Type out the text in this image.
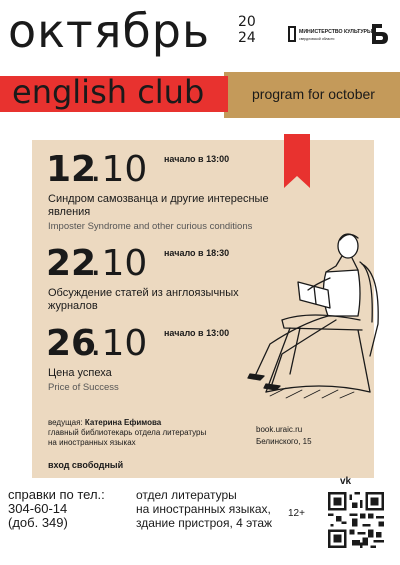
октябрь 20
24	МИНИСТЕРСТВО КУЛЬТУРЫ
свердловской области
program for october
english club
12
.10 начало в 13:00
Синдром самозванца и другие интересные
явления
Imposter Syndrome and other curious conditions
22
.10 начало в 18:30
Обсуждение статей из англоязычных
журналов
26
.10 начало в 13:00
Цена успеха
Price of Success
ведущая: Катерина Ефимова
главный библиотекарь отдела литературы
на иностранных языках
вход свободный
book.uraic.ru
Белинского, 15
vk
справки по тел.:
304-60-14
(доб. 349)
отдел литературы
на иностранных языках,
здание пристроя, 4 этаж
12+
